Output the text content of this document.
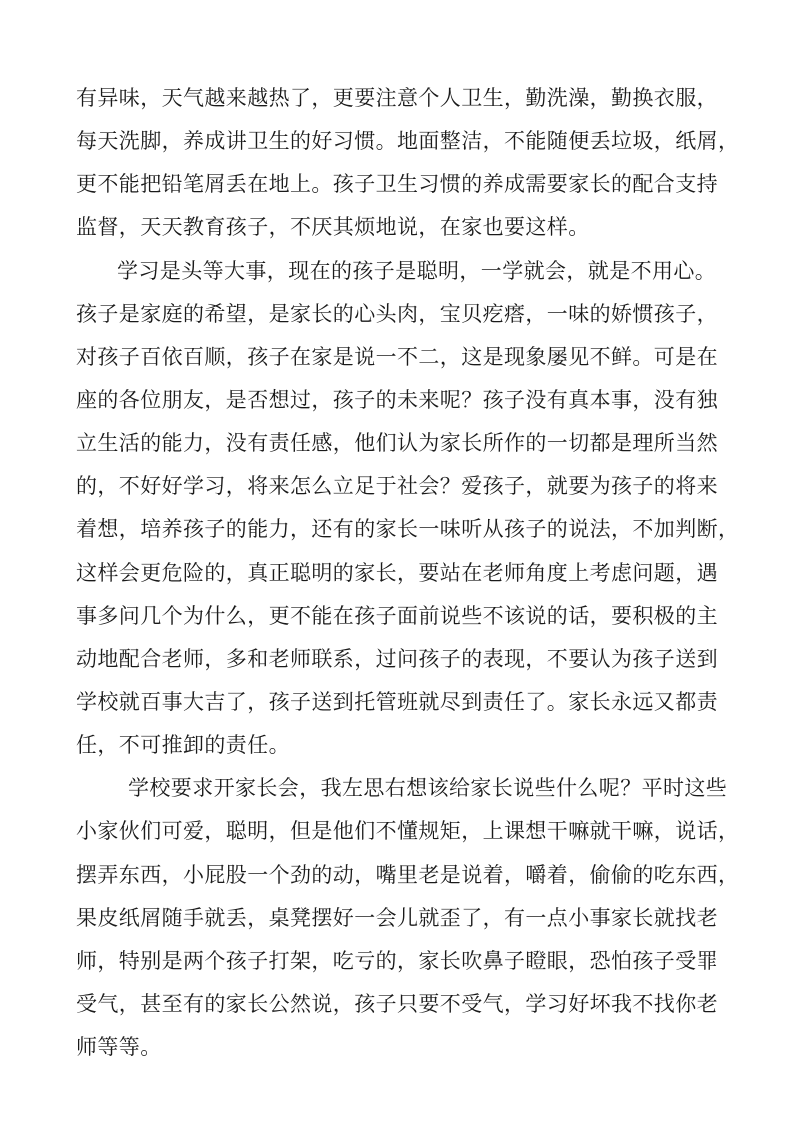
有异味，天气越来越热了，更要注意个人卫生，勤洗澡，勤换衣服，
每天洗脚，养成讲卫生的好习惯。地面整洁，不能随便丢垃圾，纸屑，
更不能把铅笔屑丢在地上。孩子卫生习惯的养成需要家长的配合支持
监督，天天教育孩子，不厌其烦地说，在家也要这样。
学习是头等大事，现在的孩子是聪明，一学就会，就是不用心。
孩子是家庭的希望，是家长的心头肉，宝贝疙瘩，一味的娇惯孩子，
对孩子百依百顺，孩子在家是说一不二，这是现象屡见不鲜。可是在
座的各位朋友，是否想过，孩子的未来呢？孩子没有真本事，没有独
立生活的能力，没有责任感，他们认为家长所作的一切都是理所当然
的，不好好学习，将来怎么立足于社会？爱孩子，就要为孩子的将来
着想，培养孩子的能力，还有的家长一味听从孩子的说法，不加判断，
这样会更危险的，真正聪明的家长，要站在老师角度上考虑问题，遇
事多问几个为什么，更不能在孩子面前说些不该说的话，要积极的主
动地配合老师，多和老师联系，过问孩子的表现，不要认为孩子送到
学校就百事大吉了，孩子送到托管班就尽到责任了。家长永远又都责
任，不可推卸的责任。
学校要求开家长会，我左思右想该给家长说些什么呢？平时这些
小家伙们可爱，聪明，但是他们不懂规矩，上课想干嘛就干嘛，说话，
摆弄东西，小屁股一个劲的动，嘴里老是说着，嚼着，偷偷的吃东西，
果皮纸屑随手就丢，桌凳摆好一会儿就歪了，有一点小事家长就找老
师，特别是两个孩子打架，吃亏的，家长吹鼻子瞪眼，恐怕孩子受罪
受气，甚至有的家长公然说，孩子只要不受气，学习好坏我不找你老
师等等。
